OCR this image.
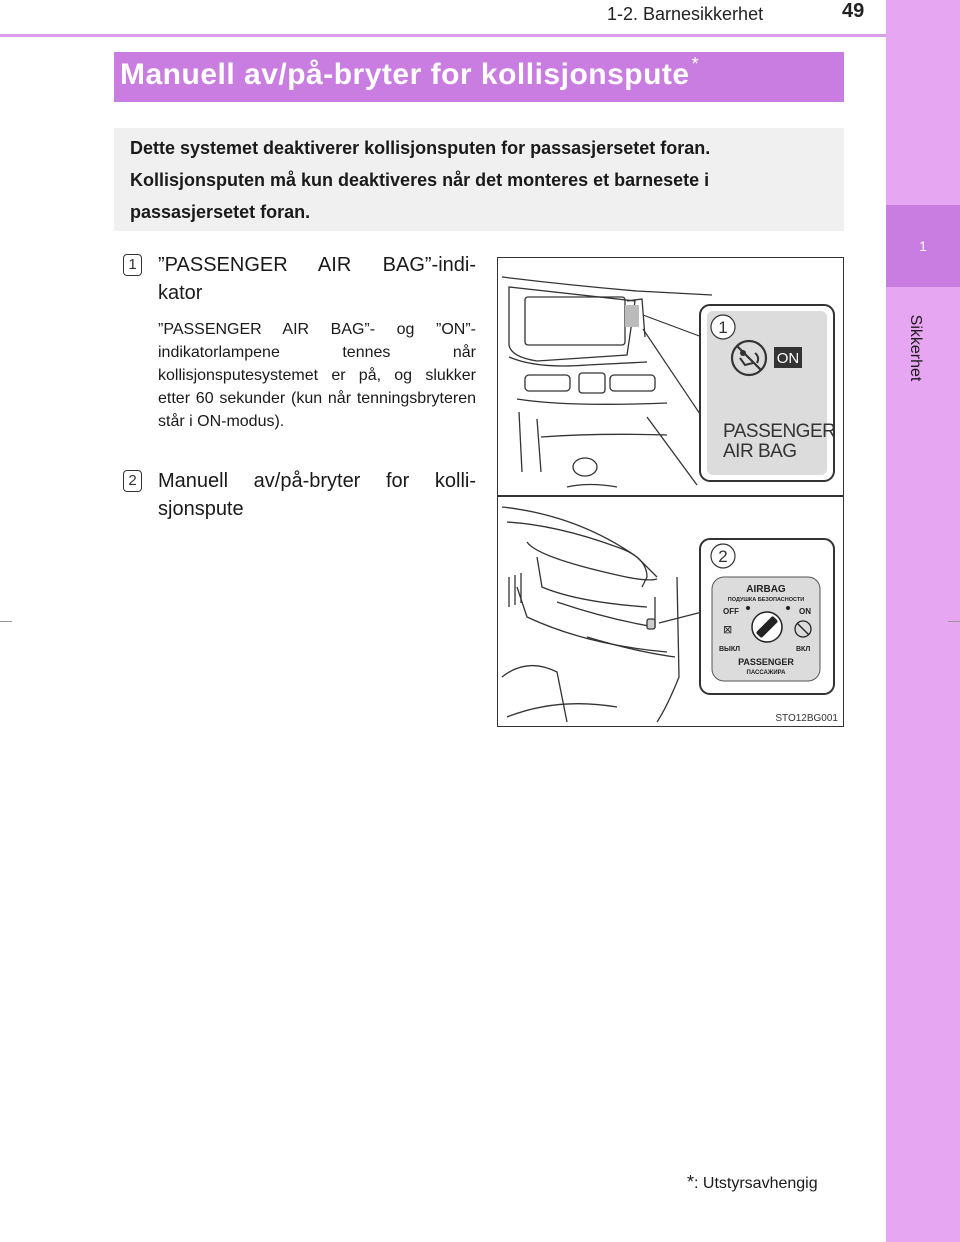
1
Sikkerhet
1-2. Barnesikkerhet	49
Manuell av/på-bryter for kollisjonspute *
Dette systemet deaktiverer kollisjonsputen for passasjersetet foran. Kollisjonsputen må kun deaktiveres når det monteres et barnesete i passasjersetet foran.
1 ”PASSENGER AIR BAG”-indi-
kator
”PASSENGER AIR BAG”- og ”ON”-indikatorlampene tennes når kollisjonsputesystemet er på, og slukker etter 60 sekunder (kun når tenningsbryteren står i ON-modus).
2 Manuell av/på-bryter for kolli-
sjonspute
1
ON
PASSENGER
AIR BAG
2
AIRBAG
ПОДУШКА БЕЗОПАСНОСТИ
OFF	ON
⊠
ВЫКЛ	ВКЛ
PASSENGER
ПАССАЖИРА
STO12BG001
*: Utstyrsavhengig
